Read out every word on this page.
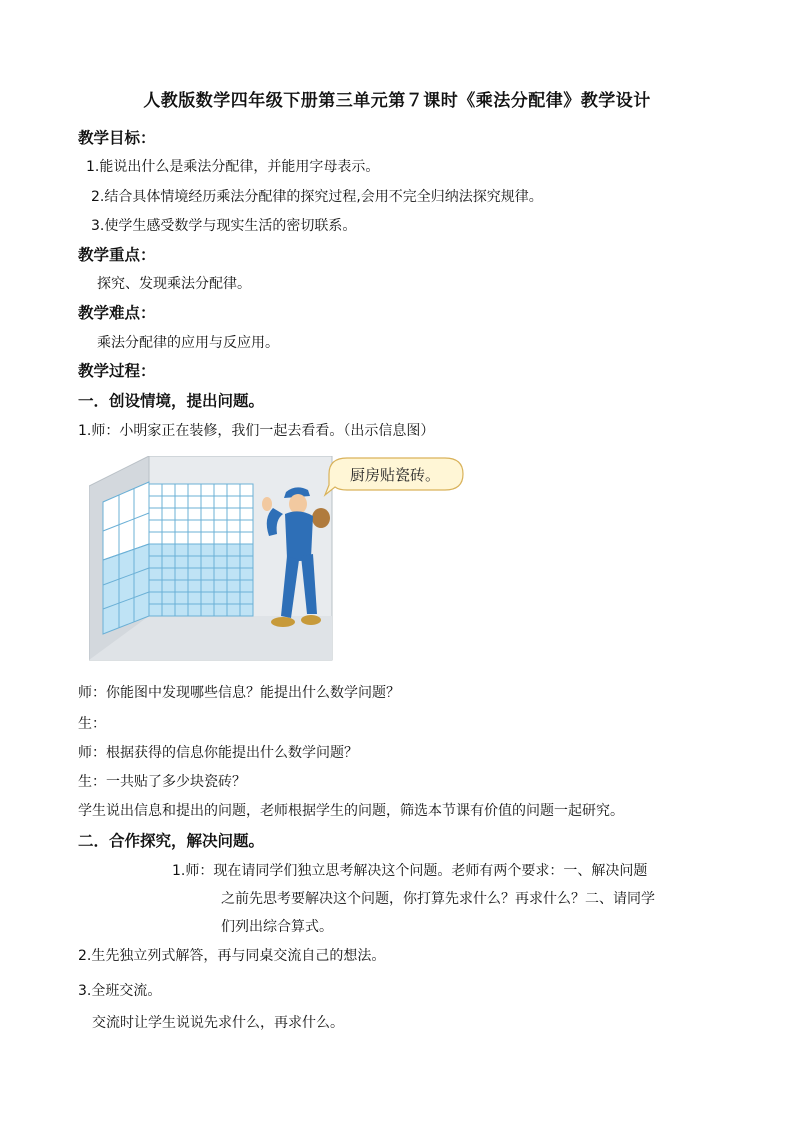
人教版数学四年级下册第三单元第７课时《乘法分配律》教学设计
教学目标：
1.能说出什么是乘法分配律，并能用字母表示。
2.结合具体情境经历乘法分配律的探究过程,会用不完全归纳法探究规律。
3.使学生感受数学与现实生活的密切联系。
教学重点：
探究、发现乘法分配律。
教学难点：
乘法分配律的应用与反应用。
教学过程：
一．创设情境，提出问题。
1.师：小明家正在装修，我们一起去看看。（出示信息图）
厨房贴瓷砖。
师：你能图中发现哪些信息？能提出什么数学问题？
生：
师：根据获得的信息你能提出什么数学问题？
生：一共贴了多少块瓷砖？
学生说出信息和提出的问题，老师根据学生的问题，筛选本节课有价值的问题一起研究。
二．合作探究，解决问题。
1.师：现在请同学们独立思考解决这个问题。老师有两个要求：一、解决问题
之前先思考要解决这个问题，你打算先求什么？再求什么？二、请同学
们列出综合算式。
2.生先独立列式解答，再与同桌交流自己的想法。
3.全班交流。
交流时让学生说说先求什么，再求什么。
